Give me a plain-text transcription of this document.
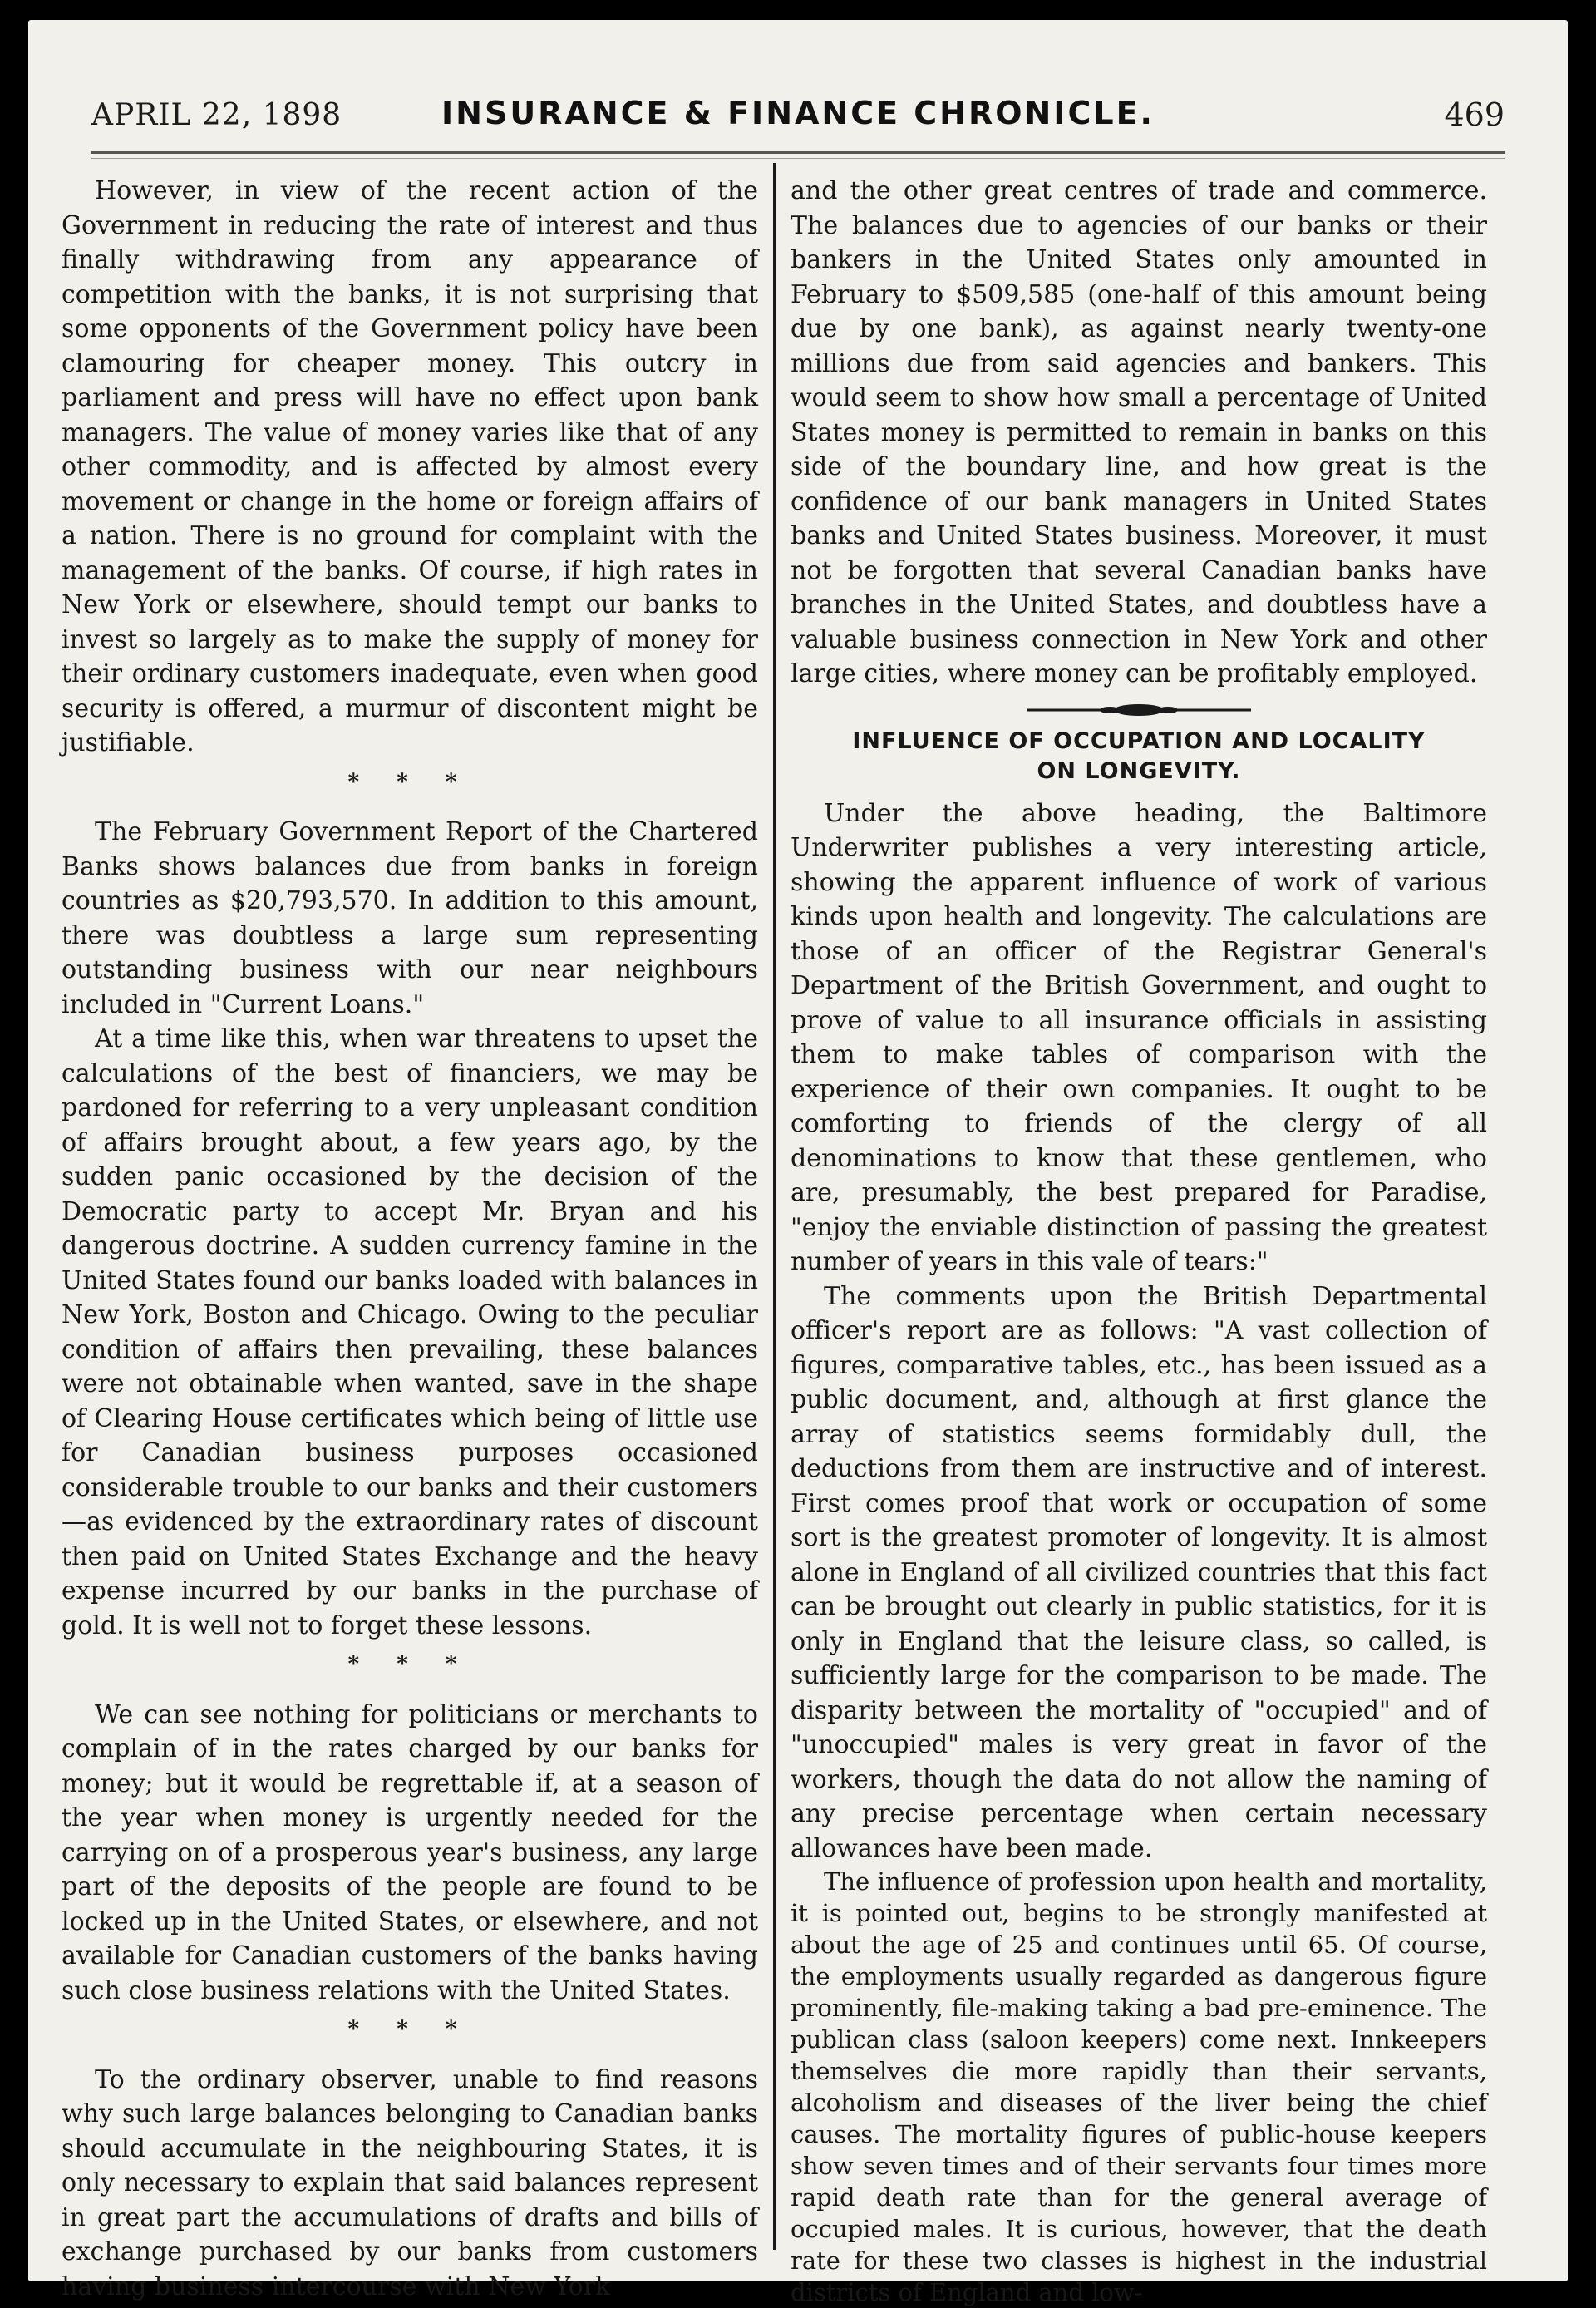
APRIL 22, 1898	INSURANCE & FINANCE CHRONICLE.	469

However, in view of the recent action of the Government in reducing the rate of interest and thus finally withdrawing from any appearance of competition with the banks, it is not surprising that some opponents of the Government policy have been clamouring for cheaper money. This outcry in parliament and press will have no effect upon bank managers. The value of money varies like that of any other commodity, and is affected by almost every movement or change in the home or foreign affairs of a nation. There is no ground for complaint with the management of the banks. Of course, if high rates in New York or elsewhere, should tempt our banks to invest so largely as to make the supply of money for their ordinary customers inadequate, even when good security is offered, a murmur of discontent might be justifiable.

* * *

The February Government Report of the Chartered Banks shows balances due from banks in foreign countries as $20,793,570. In addition to this amount, there was doubtless a large sum representing outstanding business with our near neighbours included in "Current Loans."

At a time like this, when war threatens to upset the calculations of the best of financiers, we may be pardoned for referring to a very unpleasant condition of affairs brought about, a few years ago, by the sudden panic occasioned by the decision of the Democratic party to accept Mr. Bryan and his dangerous doctrine. A sudden currency famine in the United States found our banks loaded with balances in New York, Boston and Chicago. Owing to the peculiar condition of affairs then prevailing, these balances were not obtainable when wanted, save in the shape of Clearing House certificates which being of little use for Canadian business purposes occasioned considerable trouble to our banks and their customers—as evidenced by the extraordinary rates of discount then paid on United States Exchange and the heavy expense incurred by our banks in the purchase of gold. It is well not to forget these lessons.

* * *

We can see nothing for politicians or merchants to complain of in the rates charged by our banks for money; but it would be regrettable if, at a season of the year when money is urgently needed for the carrying on of a prosperous year's business, any large part of the deposits of the people are found to be locked up in the United States, or elsewhere, and not available for Canadian customers of the banks having such close business relations with the United States.

* * *

To the ordinary observer, unable to find reasons why such large balances belonging to Canadian banks should accumulate in the neighbouring States, it is only necessary to explain that said balances represent in great part the accumulations of drafts and bills of exchange purchased by our banks from customers having business intercourse with New York

and the other great centres of trade and commerce. The balances due to agencies of our banks or their bankers in the United States only amounted in February to $509,585 (one-half of this amount being due by one bank), as against nearly twenty-one millions due from said agencies and bankers. This would seem to show how small a percentage of United States money is permitted to remain in banks on this side of the boundary line, and how great is the confidence of our bank managers in United States banks and United States business. Moreover, it must not be forgotten that several Canadian banks have branches in the United States, and doubtless have a valuable business connection in New York and other large cities, where money can be profitably employed.

INFLUENCE OF OCCUPATION AND LOCALITY
ON LONGEVITY.

Under the above heading, the Baltimore Underwriter publishes a very interesting article, showing the apparent influence of work of various kinds upon health and longevity. The calculations are those of an officer of the Registrar General's Department of the British Government, and ought to prove of value to all insurance officials in assisting them to make tables of comparison with the experience of their own companies. It ought to be comforting to friends of the clergy of all denominations to know that these gentlemen, who are, presumably, the best prepared for Paradise, "enjoy the enviable distinction of passing the greatest number of years in this vale of tears:"

The comments upon the British Departmental officer's report are as follows: "A vast collection of figures, comparative tables, etc., has been issued as a public document, and, although at first glance the array of statistics seems formidably dull, the deductions from them are instructive and of interest. First comes proof that work or occupation of some sort is the greatest promoter of longevity. It is almost alone in England of all civilized countries that this fact can be brought out clearly in public statistics, for it is only in England that the leisure class, so called, is sufficiently large for the comparison to be made. The disparity between the mortality of "occupied" and of "unoccupied" males is very great in favor of the workers, though the data do not allow the naming of any precise percentage when certain necessary allowances have been made.

The influence of profession upon health and mortality, it is pointed out, begins to be strongly manifested at about the age of 25 and continues until 65. Of course, the employments usually regarded as dangerous figure prominently, file-making taking a bad pre-eminence. The publican class (saloon keepers) come next. Innkeepers themselves die more rapidly than their servants, alcoholism and diseases of the liver being the chief causes. The mortality figures of public-house keepers show seven times and of their servants four times more rapid death rate than for the general average of occupied males. It is curious, however, that the death rate for these two classes is highest in the industrial districts of England and low-
